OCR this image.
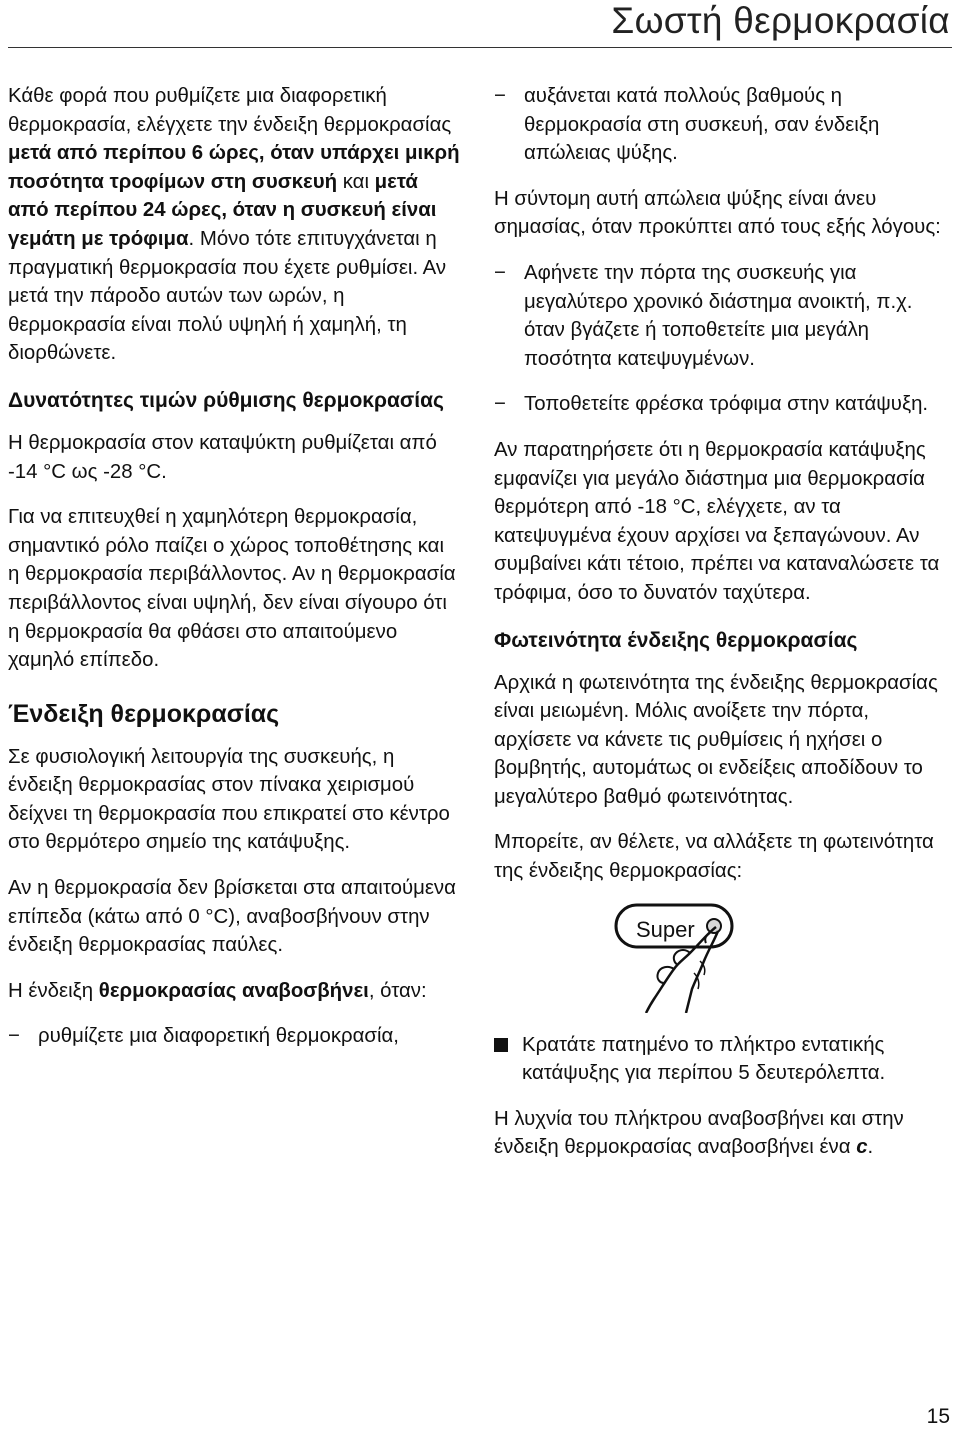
Σωστή θερμοκρασία

Κάθε φορά που ρυθμίζετε μια διαφορετική θερμοκρασία, ελέγχετε την ένδειξη θερμοκρασίας μετά από περίπου 6 ώρες, όταν υπάρχει μικρή ποσότητα τροφίμων στη συσκευή και μετά από περίπου 24 ώρες, όταν η συσκευή είναι γεμάτη με τρόφιμα. Μόνο τότε επιτυγχάνεται η πραγματική θερμοκρασία που έχετε ρυθμίσει. Αν μετά την πάροδο αυτών των ωρών, η θερμοκρασία είναι πολύ υψηλή ή χαμηλή, τη διορθώνετε.

Δυνατότητες τιμών ρύθμισης θερμοκρασίας

Η θερμοκρασία στον καταψύκτη ρυθμίζεται από -14 °C ως -28 °C.

Για να επιτευχθεί η χαμηλότερη θερμοκρασία, σημαντικό ρόλο παίζει ο χώρος τοποθέτησης και η θερμοκρασία περιβάλλοντος. Αν η θερμοκρασία περιβάλλοντος είναι υψηλή, δεν είναι σίγουρο ότι η θερμοκρασία θα φθάσει στο απαιτούμενο χαμηλό επίπεδο.

Ένδειξη θερμοκρασίας

Σε φυσιολογική λειτουργία της συσκευής, η ένδειξη θερμοκρασίας στον πίνακα χειρισμού δείχνει τη θερμοκρασία που επικρατεί στο κέντρο στο θερμότερο σημείο της κατάψυξης.

Αν η θερμοκρασία δεν βρίσκεται στα απαιτούμενα επίπεδα (κάτω από 0 °C), αναβοσβήνουν στην ένδειξη θερμοκρασίας παύλες.

Η ένδειξη θερμοκρασίας αναβοσβήνει, όταν:

− ρυθμίζετε μια διαφορετική θερμοκρασία,
− αυξάνεται κατά πολλούς βαθμούς η θερμοκρασία στη συσκευή, σαν ένδειξη απώλειας ψύξης.

Η σύντομη αυτή απώλεια ψύξης είναι άνευ σημασίας, όταν προκύπτει από τους εξής λόγους:

− Αφήνετε την πόρτα της συσκευής για μεγαλύτερο χρονικό διάστημα ανοικτή, π.χ. όταν βγάζετε ή τοποθετείτε μια μεγάλη ποσότητα κατεψυγμένων.
− Τοποθετείτε φρέσκα τρόφιμα στην κατάψυξη.

Αν παρατηρήσετε ότι η θερμοκρασία κατάψυξης εμφανίζει για μεγάλο διάστημα μια θερμοκρασία θερμότερη από -18 °C, ελέγχετε, αν τα κατεψυγμένα έχουν αρχίσει να ξεπαγώνουν. Αν συμβαίνει κάτι τέτοιο, πρέπει να καταναλώσετε τα τρόφιμα, όσο το δυνατόν ταχύτερα.

Φωτεινότητα ένδειξης θερμοκρασίας

Αρχικά η φωτεινότητα της ένδειξης θερμοκρασίας είναι μειωμένη. Μόλις ανοίξετε την πόρτα, αρχίσετε να κάνετε τις ρυθμίσεις ή ηχήσει ο βομβητής, αυτομάτως οι ενδείξεις αποδίδουν το μεγαλύτερο βαθμό φωτεινότητας.

Μπορείτε, αν θέλετε, να αλλάξετε τη φωτεινότητα της ένδειξης θερμοκρασίας:

Super
Κρατάτε πατημένο το πλήκτρο εντατικής κατάψυξης για περίπου 5 δευτερόλεπτα.

Η λυχνία του πλήκτρου αναβοσβήνει και στην ένδειξη θερμοκρασίας αναβοσβήνει ένα c.

15
